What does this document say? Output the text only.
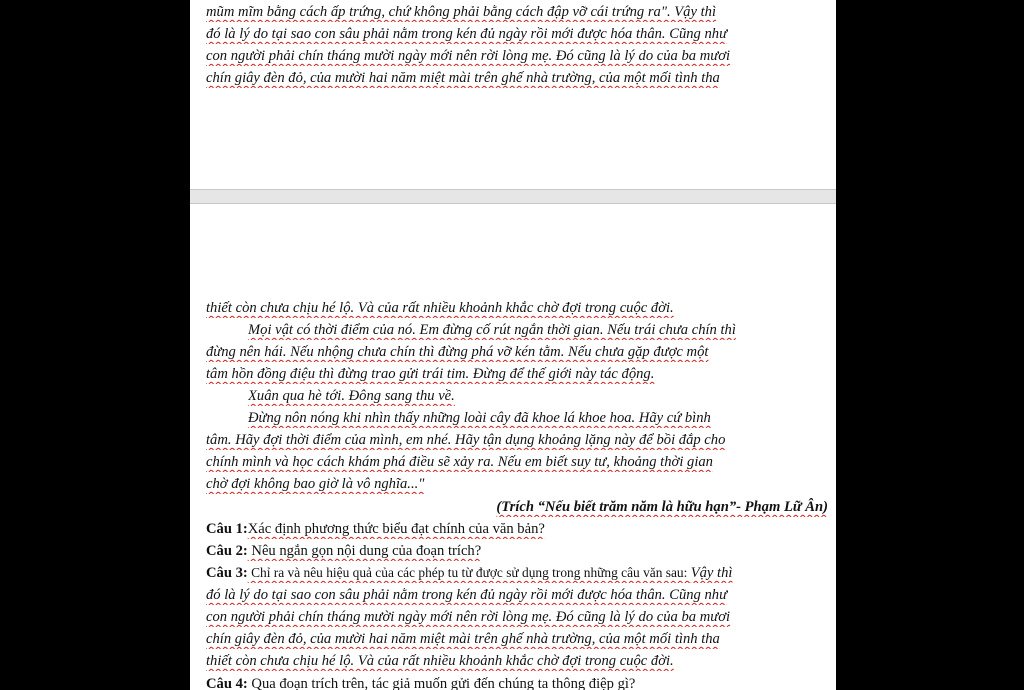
mũm mĩm bằng cách ấp trứng, chứ không phải bằng cách đập vỡ cái trứng ra". Vậy thì
đó là lý do tại sao con sâu phải nằm trong kén đủ ngày rồi mới được hóa thân. Cũng như
con người phải chín tháng mười ngày mới nên rời lòng mẹ. Đó cũng là lý do của ba mươi
chín giây đèn đỏ, của mười hai năm miệt mài trên ghế nhà trường, của một mối tình tha
thiết còn chưa chịu hé lộ. Và của rất nhiều khoảnh khắc chờ đợi trong cuộc đời.
Mọi vật có thời điểm của nó. Em đừng cố rút ngắn thời gian. Nếu trái chưa chín thì
đừng nên hái. Nếu nhộng chưa chín thì đừng phá vỡ kén tằm. Nếu chưa gặp được một
tâm hồn đồng điệu thì đừng trao gửi trái tim. Đừng để thế giới này tác động.
Xuân qua hè tới. Đông sang thu về.
Đừng nôn nóng khi nhìn thấy những loài cây đã khoe lá khoe hoa. Hãy cứ bình
tâm. Hãy đợi thời điểm của mình, em nhé. Hãy tận dụng khoảng lặng này để bồi đắp cho
chính mình và học cách khám phá điều sẽ xảy ra. Nếu em biết suy tư, khoảng thời gian
chờ đợi không bao giờ là vô nghĩa..."
(Trích “Nếu biết trăm năm là hữu hạn”- Phạm Lữ Ân)
Câu 1:Xác định phương thức biểu đạt chính của văn bản?
Câu 2: Nêu ngắn gọn nội dung của đoạn trích?
Câu 3: Chỉ ra và nêu hiệu quả của các phép tu từ được sử dụng trong những câu văn sau: Vậy thì
đó là lý do tại sao con sâu phải nằm trong kén đủ ngày rồi mới được hóa thân. Cũng như
con người phải chín tháng mười ngày mới nên rời lòng mẹ. Đó cũng là lý do của ba mươi
chín giây đèn đỏ, của mười hai năm miệt mài trên ghế nhà trường, của một mối tình tha
thiết còn chưa chịu hé lộ. Và của rất nhiều khoảnh khắc chờ đợi trong cuộc đời.
Câu 4: Qua đoạn trích trên, tác giả muốn gửi đến chúng ta thông điệp gì?
